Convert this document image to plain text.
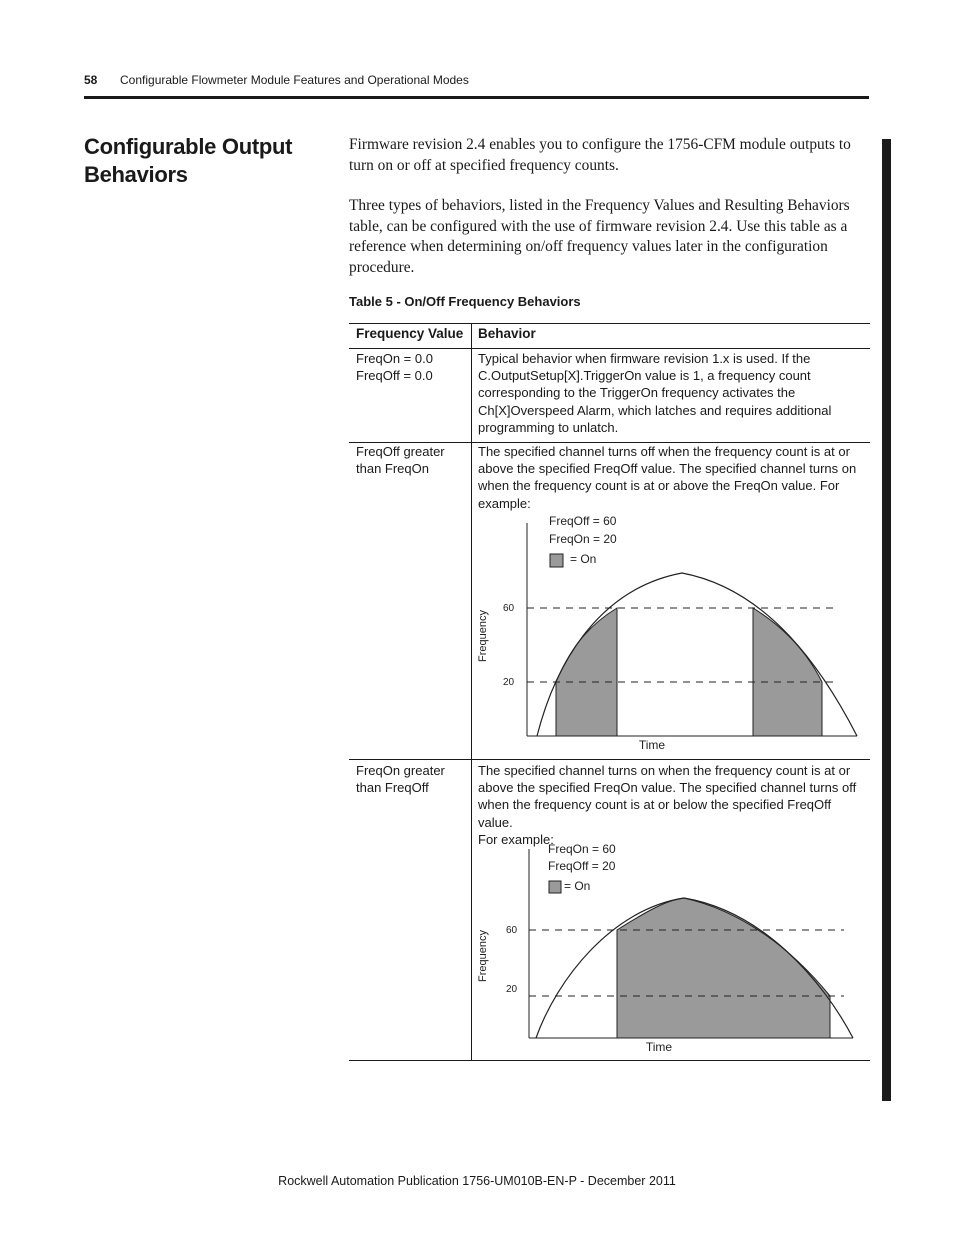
58 Configurable Flowmeter Module Features and Operational Modes
Configurable Output Behaviors
Firmware revision 2.4 enables you to configure the 1756-CFM module outputs to turn on or off at specified frequency counts.
Three types of behaviors, listed in the Frequency Values and Resulting Behaviors table, can be configured with the use of firmware revision 2.4. Use this table as a reference when determining on/off frequency values later in the configuration procedure.
Table 5 - On/Off Frequency Behaviors
Frequency Value Behavior
FreqOn = 0.0
FreqOff = 0.0
Typical behavior when firmware revision 1.x is used. If the
C.OutputSetup[X].TriggerOn value is 1, a frequency count
corresponding to the TriggerOn frequency activates the
Ch[X]Overspeed Alarm, which latches and requires additional
programming to unlatch.
FreqOff greater
than FreqOn
The specified channel turns off when the frequency count is at or
above the specified FreqOff value. The specified channel turns on
when the frequency count is at or above the FreqOn value. For
example:
FreqOff = 60
FreqOn = 20
= On
60
20
Frequency
Time
FreqOn greater
than FreqOff
The specified channel turns on when the frequency count is at or
above the specified FreqOn value. The specified channel turns off
when the frequency count is at or below the specified FreqOff value.
For example:
FreqOn = 60
FreqOff = 20
= On
60
20
Frequency
Time
Rockwell Automation Publication 1756-UM010B-EN-P - December 2011
